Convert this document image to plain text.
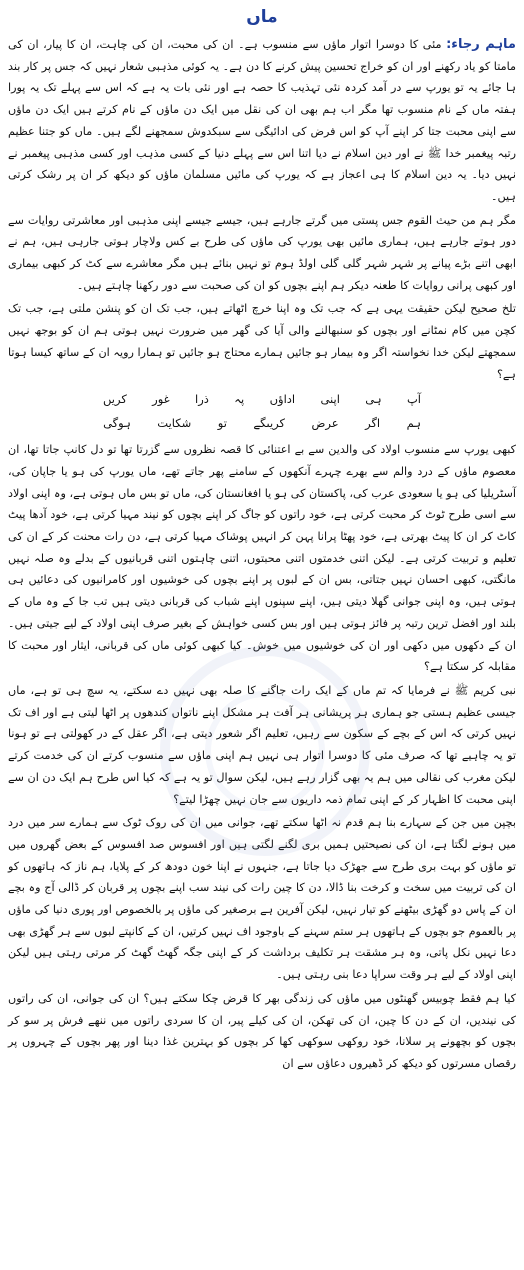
ماں

ماہم رجاء: مئی کا دوسرا اتوار ماؤں سے منسوب ہے۔ ان کی محبت، ان کی چاہت، ان کا پیار، ان کی مامتا کو یاد رکھنے اور ان کو خراج تحسین پیش کرنے کا دن ہے۔ یہ کوئی مذہبی شعار نہیں کہ جس پر کار بند ہا جائے یہ تو یورپ سے در آمد کردہ نئی تہذیب کا حصہ ہے اور نئی بات یہ ہے کہ اس سے پہلے تک یہ پورا ہفتہ ماں کے نام منسوب تھا مگر اب ہم بھی ان کی نقل میں ایک دن ماؤں کے نام کرتے ہیں ایک دن ماؤں سے اپنی محبت جتا کر اپنے آپ کو اس فرض کی ادائیگی سے سبکدوش سمجھنے لگے ہیں۔ ماں کو جتنا عظیم رتبہ پیغمبر خدا ﷺ نے اور دین اسلام نے دیا اتنا اس سے پہلے دنیا کے کسی مذہب اور کسی مذہبی پیغمبر نے نہیں دیا۔ یہ دین اسلام کا ہی اعجاز ہے کہ یورپ کی مائیں مسلمان ماؤں کو دیکھ کر ان پر رشک کرتی ہیں۔

مگر ہم من حیث القوم جس پستی میں گرتے جارہے ہیں، جیسے جیسے اپنی مذہبی اور معاشرتی روایات سے دور ہوتے جارہے ہیں، ہماری مائیں بھی یورپ کی ماؤں کی طرح بے کس ولاچار ہوتی جارہی ہیں، ہم نے ابھی اتنے بڑے پیانے پر شہر شہر گلی گلی اولڈ ہوم تو نہیں بنائے ہیں مگر معاشرے سے کٹ کر کبھی بیماری اور کبھی پرانی روایات کا طعنہ دیکر ہم اپنے بچوں کو ان کی صحبت سے دور رکھنا چاہتے ہیں۔

تلخ صحیح لیکن حقیقت یہی ہے کہ جب تک وہ اپنا خرچ اٹھاتے ہیں، جب تک ان کو پنشن ملتی ہے، جب تک کچن میں کام نمٹانے اور بچوں کو سنبھالنے والی آیا کی گھر میں ضرورت نہیں ہوتی ہم ان کو بوجھ نہیں سمجھتے لیکن خدا نخواستہ اگر وہ بیمار ہو جائیں ہمارے محتاج ہو جائیں تو ہمارا رویہ ان کے ساتھ کیسا ہوتا ہے؟

آپ
ہی
اپنی
اداؤں
پہ
ذرا
غور
کریں
ہم
اگر
عرض
کریںگے
تو
شکایت
ہوگی

کبھی یورپ سے منسوب اولاد کی والدین سے بے اعتنائی کا قصہ نظروں سے گزرتا تھا تو دل کانپ جاتا تھا، ان معصوم ماؤں کے درد والم سے بھرے چہرے آنکھوں کے سامنے پھر جاتے تھے، ماں یورپ کی ہو یا جاپان کی، آسٹریلیا کی ہو یا سعودی عرب کی، پاکستان کی ہو یا افغانستان کی، ماں تو بس ماں ہوتی ہے، وہ اپنی اولاد سے اسی طرح ٹوٹ کر محبت کرتی ہے، خود راتوں کو جاگ کر اپنے بچوں کو نیند مہیا کرتی ہے، خود آدھا پیٹ کاٹ کر ان کا پیٹ بھرتی ہے، خود پھٹا پرانا پہن کر انہیں پوشاک مہیا کرتی ہے، دن رات محنت کر کے ان کی تعلیم و تربیت کرتی ہے۔ لیکن اتنی خدمتوں اتنی محبتوں، اتنی چاہتوں اتنی قربانیوں کے بدلے وہ صلہ نہیں مانگتی، کبھی احسان نہیں جتاتی، بس ان کے لبوں پر اپنے بچوں کی خوشیوں اور کامرانیوں کی دعائیں ہی ہوتی ہیں، وہ اپنی جوانی گھلا دیتی ہیں، اپنے سپنوں اپنے شباب کی قربانی دیتی ہیں تب جا کے وہ ماں کے بلند اور افضل ترین رتبہ پر فائز ہوتی ہیں اور بس کسی خواہش کے بغیر صرف اپنی اولاد کے لیے جیتی ہیں۔ ان کے دکھوں میں دکھی اور ان کی خوشیوں میں خوش۔ کیا کبھی کوئی ماں کی قربانی، ایثار اور محبت کا مقابلہ کر سکتا ہے؟

نبی کریم ﷺ نے فرمایا کہ تم ماں کے ایک رات جاگنے کا صلہ بھی نہیں دے سکتے، یہ سچ ہی تو ہے، ماں جیسی عظیم ہستی جو ہماری ہر پریشانی ہر آفت ہر مشکل اپنے ناتواں کندھوں پر اٹھا لیتی ہے اور اف تک نہیں کرتی کہ اس کے بچے کے سکون سے رہیں، تعلیم اگر شعور دیتی ہے، اگر عقل کے در کھولتی ہے تو ہونا تو یہ چاہیے تھا کہ صرف مئی کا دوسرا اتوار ہی نہیں ہم اپنی ماؤں سے منسوب کرتے ان کی خدمت کرتے لیکن مغرب کی نقالی میں ہم یہ بھی گزار رہے ہیں، لیکن سوال تو یہ ہے کہ کیا اس طرح ہم ایک دن ان سے اپنی محبت کا اظہار کر کے اپنی تمام ذمہ داریوں سے جان نہیں چھڑا لیتے؟

بچپن میں جن کے سہارے بنا ہم قدم نہ اٹھا سکتے تھے، جوانی میں ان کی روک ٹوک سے ہمارے سر میں درد میں ہونے لگتا ہے، ان کی نصیحتیں ہمیں بری لگنے لگتی ہیں اور افسوس صد افسوس کے بعض گھروں میں تو ماؤں کو بہت بری طرح سے جھڑک دیا جاتا ہے، جنہوں نے اپنا خون دودھ کر کے پلایا، ہم ناز کہ ہاتھوں کو ان کی تربیت میں سخت و کرخت بنا ڈالا، دن کا چین رات کی نیند سب اپنے بچوں پر قربان کر ڈالی آج وہ بچے ان کے پاس دو گھڑی بیٹھنے کو تیار نہیں، لیکن آفرین ہے برصغیر کی ماؤں پر بالخصوص اور پوری دنیا کی ماؤں پر بالعموم جو بچوں کے ہاتھوں ہر ستم سہنے کے باوجود اف نہیں کرتیں، ان کے کانپتے لبوں سے ہر گھڑی بھی دعا نہیں نکل پاتی، وہ ہر مشقت ہر تکلیف برداشت کر کے اپنی جگہ گھٹ گھٹ کر مرتی رہتی ہیں لیکن اپنی اولاد کے لیے ہر وقت سراپا دعا بنی رہتی ہیں۔

کیا ہم فقط چوبیس گھنٹوں میں ماؤں کی زندگی بھر کا قرض چکا سکتے ہیں؟ ان کی جوانی، ان کی راتوں کی نیندیں، ان کے دن کا چین، ان کی تھکن، ان کی کیلے پیر، ان کا سردی راتوں میں ننھے فرش پر سو کر بچوں کو بچھونے پر سلانا، خود روکھی سوکھی کھا کر بچوں کو بہترین غذا دینا اور پھر بچوں کے چہروں پر رقصاں مسرتوں کو دیکھ کر ڈھیروں دعاؤں سے ان
